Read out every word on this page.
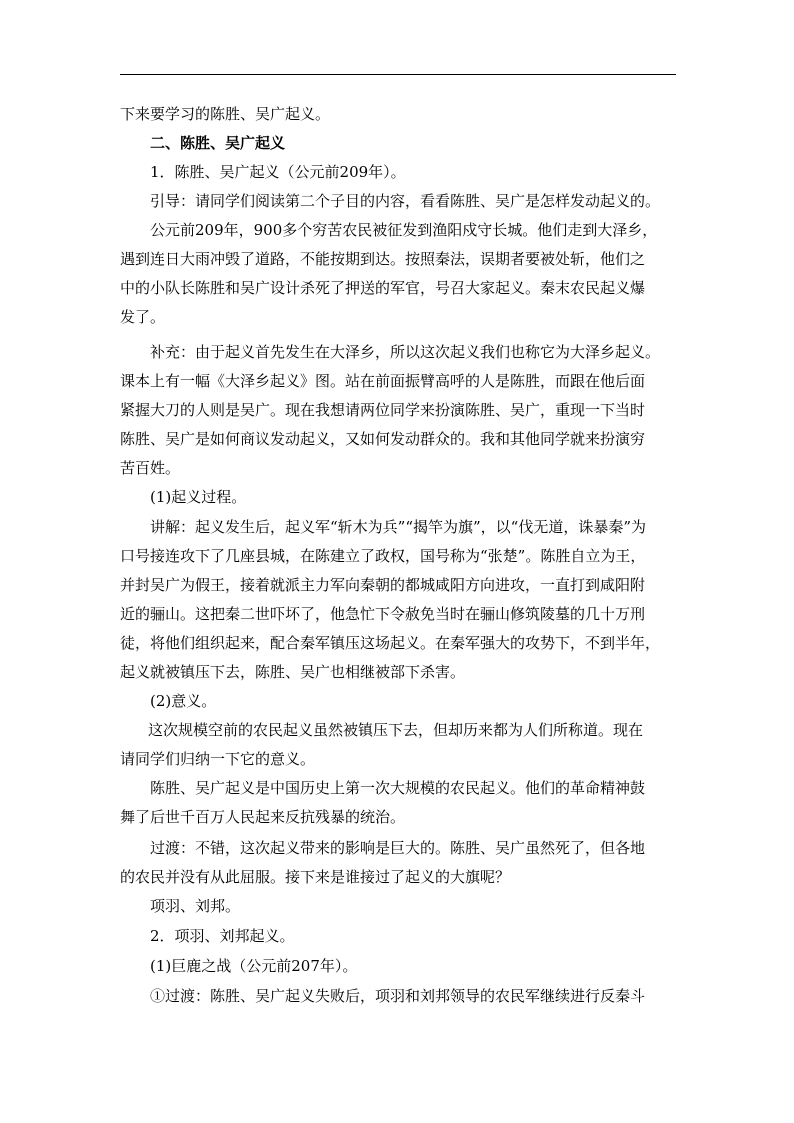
下来要学习的陈胜、吴广起义。
二、陈胜、吴广起义
1．陈胜、吴广起义（公元前209年）。
引导：请同学们阅读第二个子目的内容，看看陈胜、吴广是怎样发动起义的。
公元前209年，900多个穷苦农民被征发到渔阳戍守长城。他们走到大泽乡，
遇到连日大雨冲毁了道路，不能按期到达。按照秦法，误期者要被处斩，他们之
中的小队长陈胜和吴广设计杀死了押送的军官，号召大家起义。秦末农民起义爆
发了。
补充：由于起义首先发生在大泽乡，所以这次起义我们也称它为大泽乡起义。
课本上有一幅《大泽乡起义》图。站在前面振臂高呼的人是陈胜，而跟在他后面
紧握大刀的人则是吴广。现在我想请两位同学来扮演陈胜、吴广，重现一下当时
陈胜、吴广是如何商议发动起义，又如何发动群众的。我和其他同学就来扮演穷
苦百姓。
(1)起义过程。
讲解：起义发生后，起义军“斩木为兵”“揭竿为旗”，以“伐无道，诛暴秦”为
口号接连攻下了几座县城，在陈建立了政权，国号称为“张楚”。陈胜自立为王，
并封吴广为假王，接着就派主力军向秦朝的都城咸阳方向进攻，一直打到咸阳附
近的骊山。这把秦二世吓坏了，他急忙下令赦免当时在骊山修筑陵墓的几十万刑
徒，将他们组织起来，配合秦军镇压这场起义。在秦军强大的攻势下，不到半年，
起义就被镇压下去，陈胜、吴广也相继被部下杀害。
(2)意义。
这次规模空前的农民起义虽然被镇压下去，但却历来都为人们所称道。现在
请同学们归纳一下它的意义。
陈胜、吴广起义是中国历史上第一次大规模的农民起义。他们的革命精神鼓
舞了后世千百万人民起来反抗残暴的统治。
过渡：不错，这次起义带来的影响是巨大的。陈胜、吴广虽然死了，但各地
的农民并没有从此屈服。接下来是谁接过了起义的大旗呢？
项羽、刘邦。
2．项羽、刘邦起义。
(1)巨鹿之战（公元前207年）。
①过渡：陈胜、吴广起义失败后，项羽和刘邦领导的农民军继续进行反秦斗
